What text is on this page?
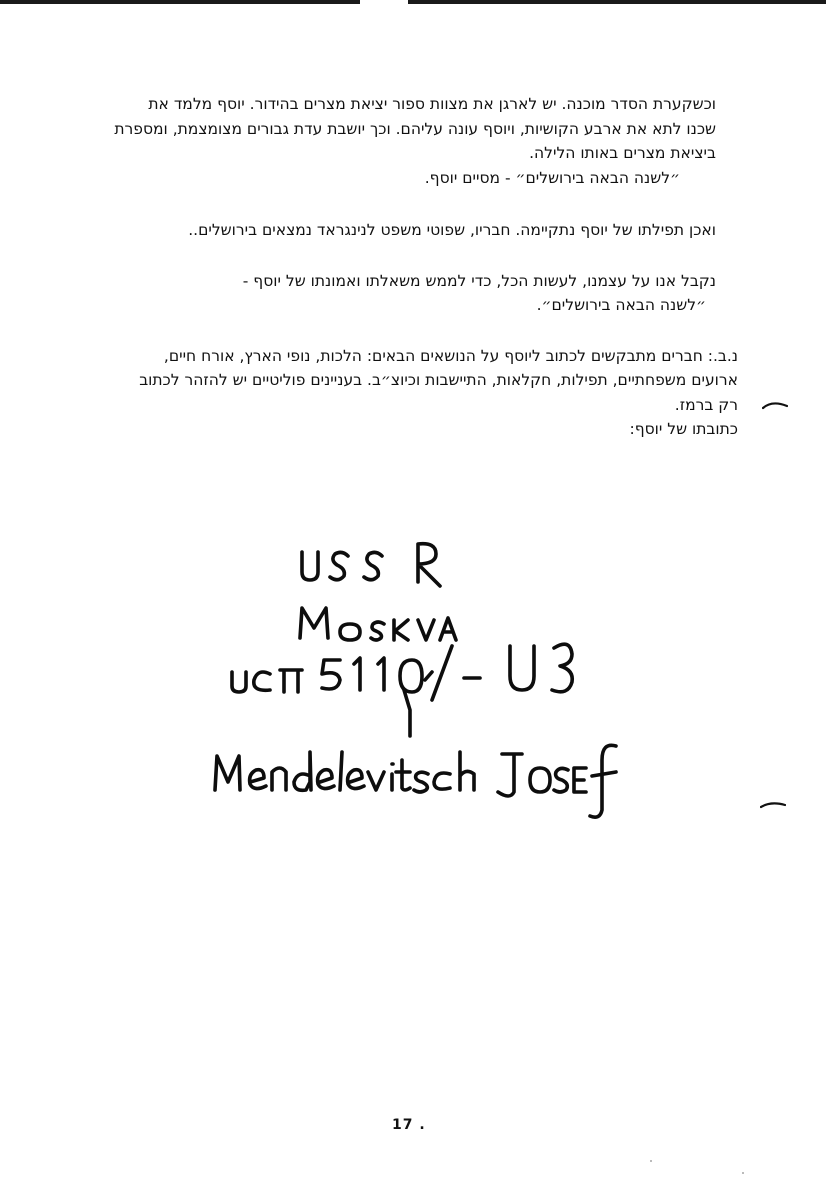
וכשקערת הסדר מוכנה. יש לארגן את מצוות ספור יציאת מצרים בהידור. יוסף מלמד את
שכנו לתא את ארבע הקושיות, ויוסף עונה עליהם. וכך יושבת עדת גבורים מצומצמת, ומספרת
ביציאת מצרים באותו הלילה.
״לשנה הבאה בירושלים״ - מסיים יוסף.

ואכן תפילתו של יוסף נתקיימה. חבריו, שפוטי משפט לנינגראד נמצאים בירושלים..

נקבל אנו על עצמנו, לעשות הכל, כדי לממש משאלתו ואמונתו של יוסף -
״לשנה הבאה בירושלים״.

נ.ב.: חברים מתבקשים לכתוב ליוסף על הנושאים הבאים: הלכות, נופי הארץ, אורח חיים,
ארועים משפחתיים, תפילות, חקלאות, התיישבות וכיוצ״ב. בעניינים פוליטיים יש להזהר לכתוב
רק ברמז.
כתובתו של יוסף:

17 .
